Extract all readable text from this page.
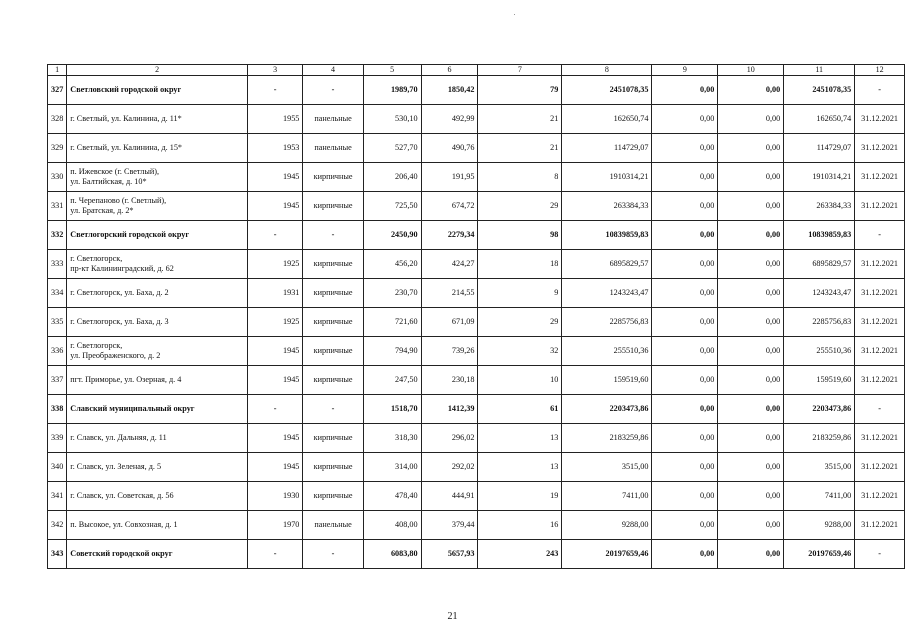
1	2	3	4	5	6	7	8	9	10	11	12
327	Светловский городской округ	-	-	1989,70	1850,42	79	2451078,35	0,00	0,00	2451078,35	-
328	г. Светлый, ул. Калинина, д. 11*	1955	панельные	530,10	492,99	21	162650,74	0,00	0,00	162650,74	31.12.2021
329	г. Светлый, ул. Калинина, д. 15*	1953	панельные	527,70	490,76	21	114729,07	0,00	0,00	114729,07	31.12.2021
330	п. Ижевское (г. Светлый),
ул. Балтийская, д. 10*	1945	кирпичные	206,40	191,95	8	1910314,21	0,00	0,00	1910314,21	31.12.2021
331	п. Черепаново (г. Светлый),
ул. Братская, д. 2*	1945	кирпичные	725,50	674,72	29	263384,33	0,00	0,00	263384,33	31.12.2021
332	Светлогорский городской округ	-	-	2450,90	2279,34	98	10839859,83	0,00	0,00	10839859,83	-
333	г. Светлогорск,
пр-кт Калининградский, д. 62	1925	кирпичные	456,20	424,27	18	6895829,57	0,00	0,00	6895829,57	31.12.2021
334	г. Светлогорск, ул. Баха, д. 2	1931	кирпичные	230,70	214,55	9	1243243,47	0,00	0,00	1243243,47	31.12.2021
335	г. Светлогорск, ул. Баха, д. 3	1925	кирпичные	721,60	671,09	29	2285756,83	0,00	0,00	2285756,83	31.12.2021
336	г. Светлогорск,
ул. Преображенского, д. 2	1945	кирпичные	794,90	739,26	32	255510,36	0,00	0,00	255510,36	31.12.2021
337	пгт. Приморье, ул. Озерная, д. 4	1945	кирпичные	247,50	230,18	10	159519,60	0,00	0,00	159519,60	31.12.2021
338	Славский муниципальный округ	-	-	1518,70	1412,39	61	2203473,86	0,00	0,00	2203473,86	-
339	г. Славск, ул. Дальняя, д. 11	1945	кирпичные	318,30	296,02	13	2183259,86	0,00	0,00	2183259,86	31.12.2021
340	г. Славск, ул. Зеленая, д. 5	1945	кирпичные	314,00	292,02	13	3515,00	0,00	0,00	3515,00	31.12.2021
341	г. Славск, ул. Советская, д. 56	1930	кирпичные	478,40	444,91	19	7411,00	0,00	0,00	7411,00	31.12.2021
342	п. Высокое, ул. Совхозная, д. 1	1970	панельные	408,00	379,44	16	9288,00	0,00	0,00	9288,00	31.12.2021
343	Советский городской округ	-	-	6083,80	5657,93	243	20197659,46	0,00	0,00	20197659,46	-
21
